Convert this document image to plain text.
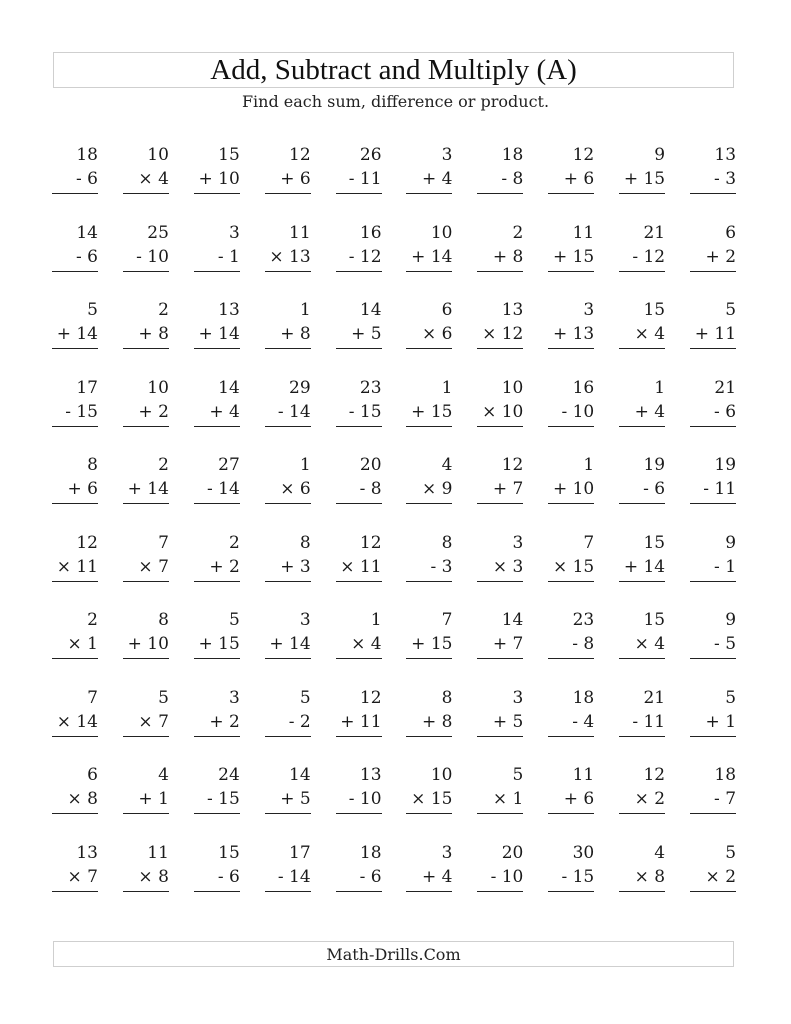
Add, Subtract and Multiply (A)
Find each sum, difference or product.
18
- 6
10
× 4
15
+ 10
12
+ 6
26
- 11
3
+ 4
18
- 8
12
+ 6
9
+ 15
13
- 3
14
- 6
25
- 10
3
- 1
11
× 13
16
- 12
10
+ 14
2
+ 8
11
+ 15
21
- 12
6
+ 2
5
+ 14
2
+ 8
13
+ 14
1
+ 8
14
+ 5
6
× 6
13
× 12
3
+ 13
15
× 4
5
+ 11
17
- 15
10
+ 2
14
+ 4
29
- 14
23
- 15
1
+ 15
10
× 10
16
- 10
1
+ 4
21
- 6
8
+ 6
2
+ 14
27
- 14
1
× 6
20
- 8
4
× 9
12
+ 7
1
+ 10
19
- 6
19
- 11
12
× 11
7
× 7
2
+ 2
8
+ 3
12
× 11
8
- 3
3
× 3
7
× 15
15
+ 14
9
- 1
2
× 1
8
+ 10
5
+ 15
3
+ 14
1
× 4
7
+ 15
14
+ 7
23
- 8
15
× 4
9
- 5
7
× 14
5
× 7
3
+ 2
5
- 2
12
+ 11
8
+ 8
3
+ 5
18
- 4
21
- 11
5
+ 1
6
× 8
4
+ 1
24
- 15
14
+ 5
13
- 10
10
× 15
5
× 1
11
+ 6
12
× 2
18
- 7
13
× 7
11
× 8
15
- 6
17
- 14
18
- 6
3
+ 4
20
- 10
30
- 15
4
× 8
5
× 2
Math-Drills.Com
